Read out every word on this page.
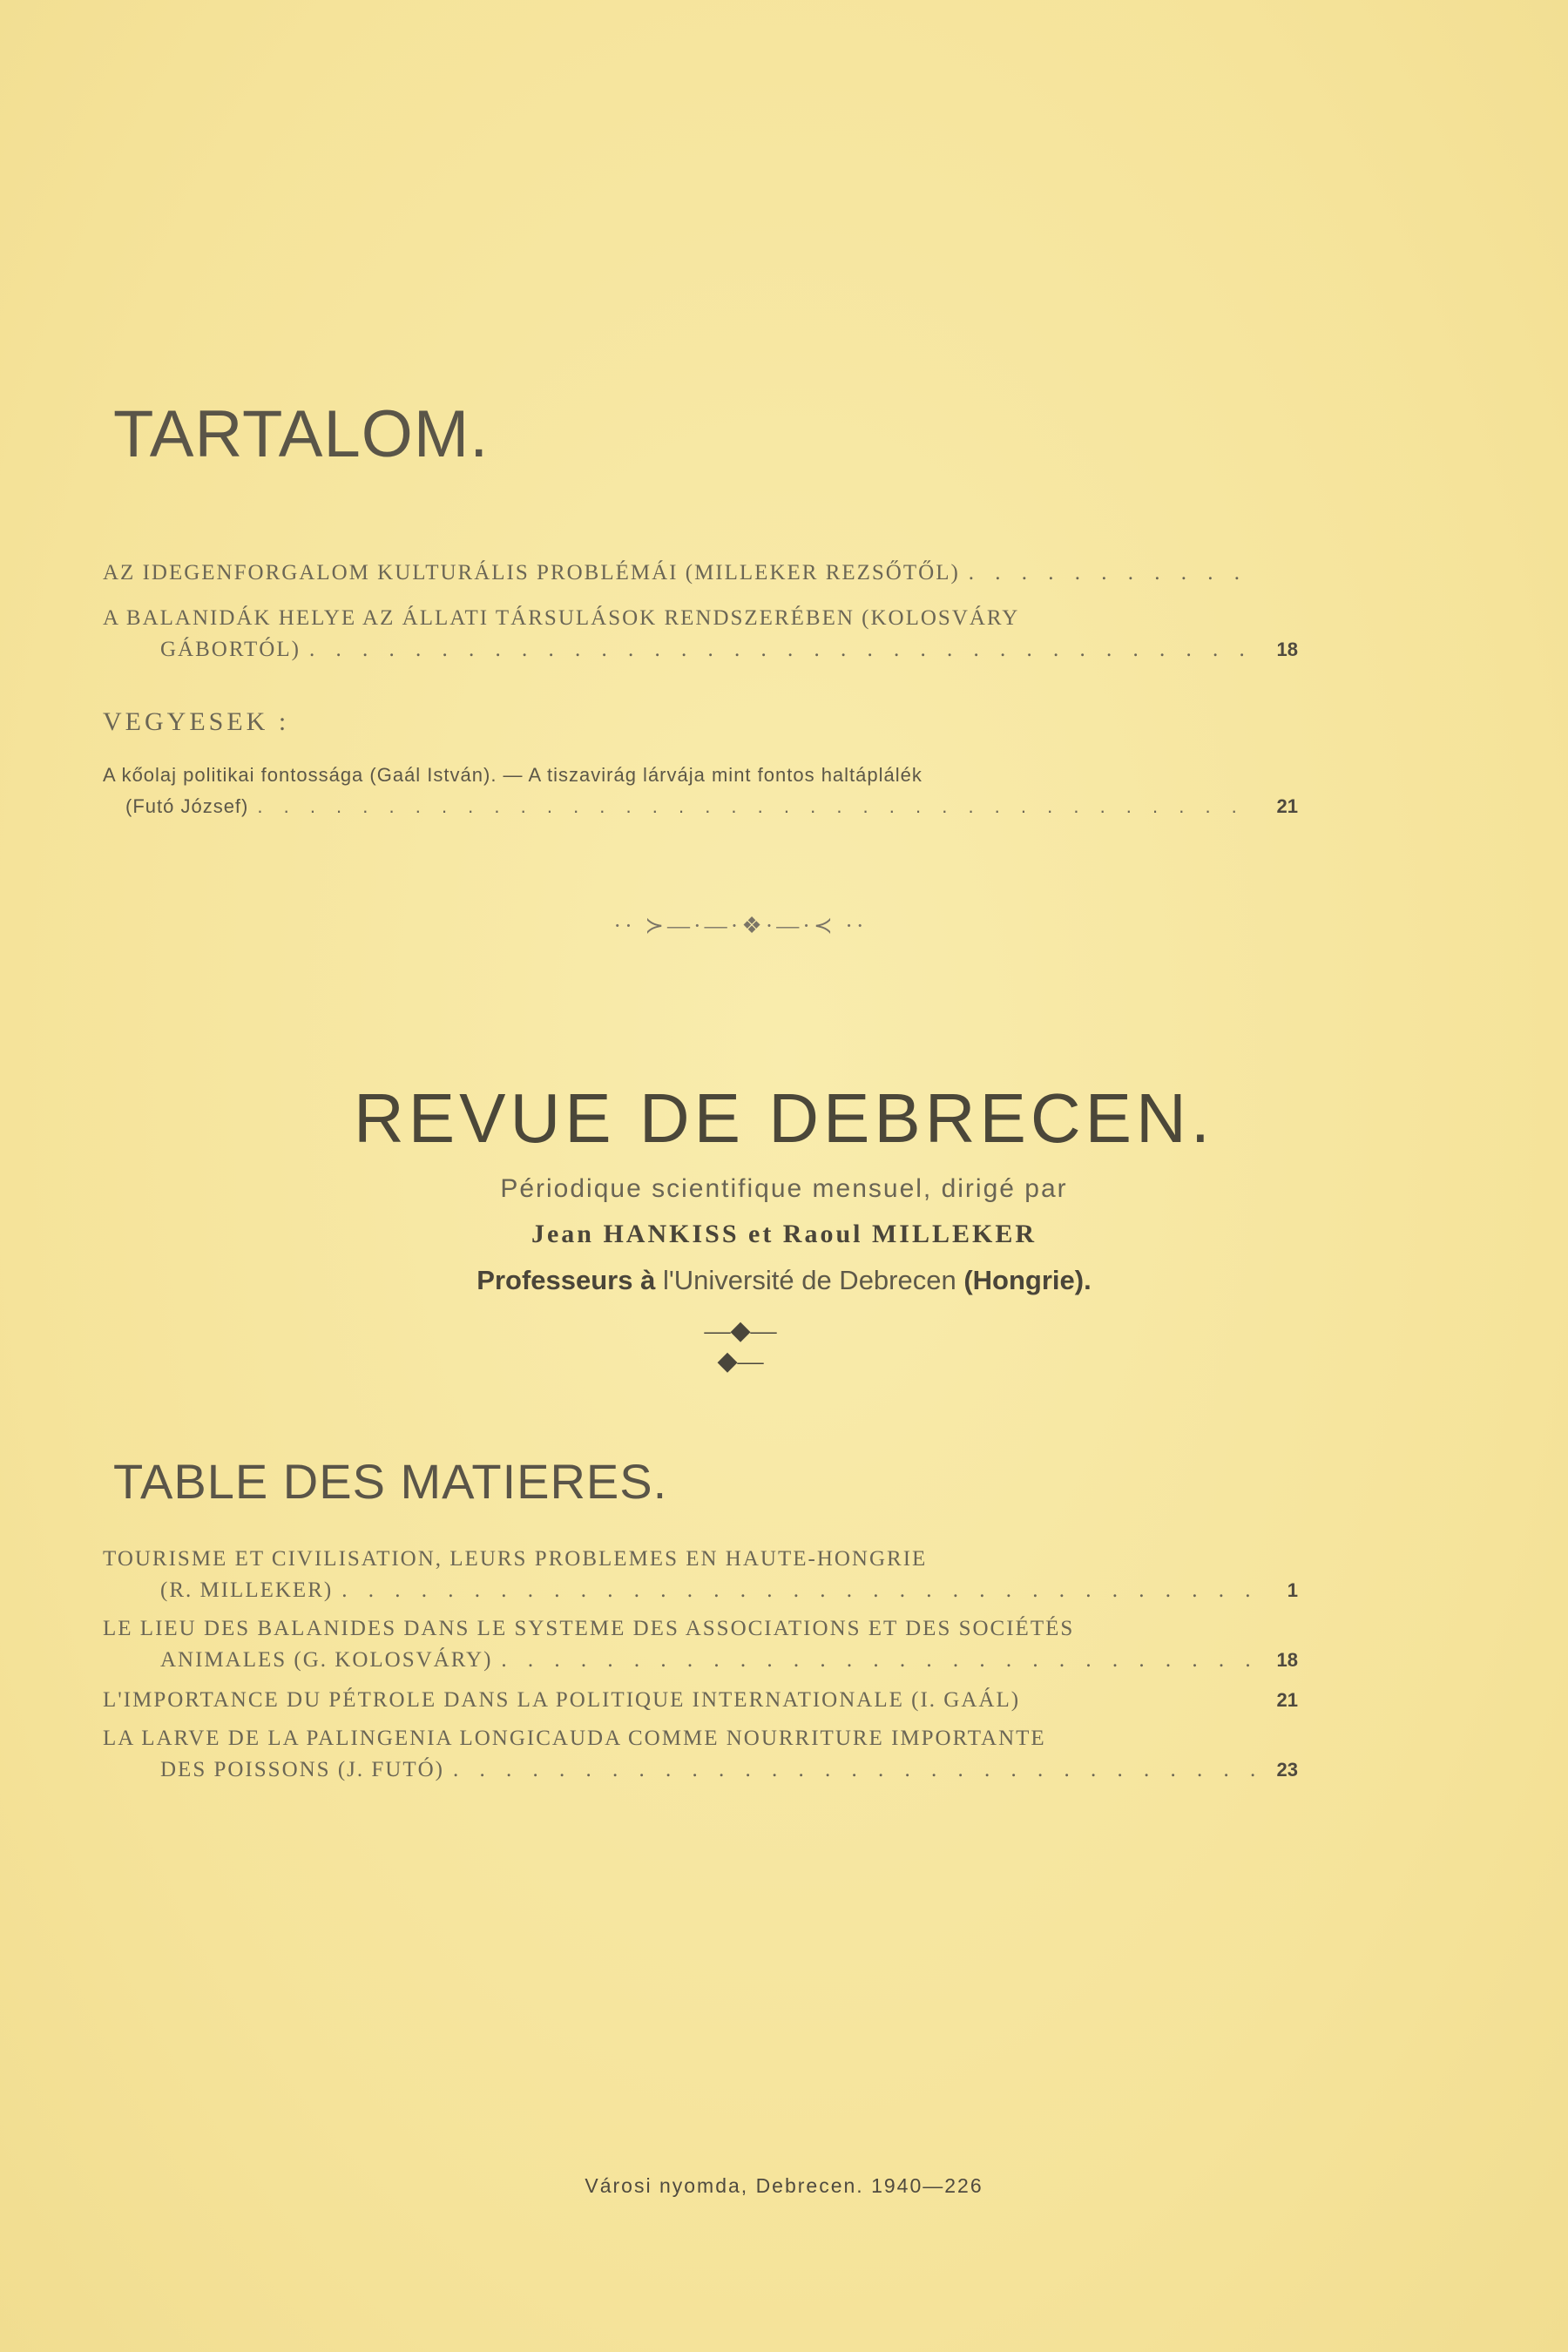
TARTALOM.
AZ IDEGENFORGALOM KULTURÁLIS PROBLÉMÁI (MILLEKER REZSŐTŐL)
. . .
A BALANIDÁK HELYE AZ ÁLLATI TÁRSULÁSOK RENDSZERÉBEN (KOLOSVÁRY
GÁBORTÓL) . . .	18
VEGYESEK :
A kőolaj politikai fontossága (Gaál István). — A tiszavirág lárvája mint fontos haltáplálék
(Futó József) . . .	21
·· ≻—·—·❖·—·≺ ··
REVUE DE DEBRECEN.
Périodique scientifique mensuel, dirigé par
Jean HANKISS et Raoul MILLEKER
Professeurs à l'Université de Debrecen (Hongrie).
—◆—◆—
TABLE DES MATIERES.
TOURISME ET CIVILISATION, LEURS PROBLEMES EN HAUTE-HONGRIE
(R. MILLEKER) . . .	1
LE LIEU DES BALANIDES DANS LE SYSTEME DES ASSOCIATIONS ET DES SOCIÉTÉS
ANIMALES (G. KOLOSVÁRY) . . .	18
L'IMPORTANCE DU PÉTROLE DANS LA POLITIQUE INTERNATIONALE (I. GAÁL)	21
LA LARVE DE LA PALINGENIA LONGICAUDA COMME NOURRITURE IMPORTANTE
DES POISSONS (J. FUTÓ) . . .	23
Városi nyomda, Debrecen. 1940—226
